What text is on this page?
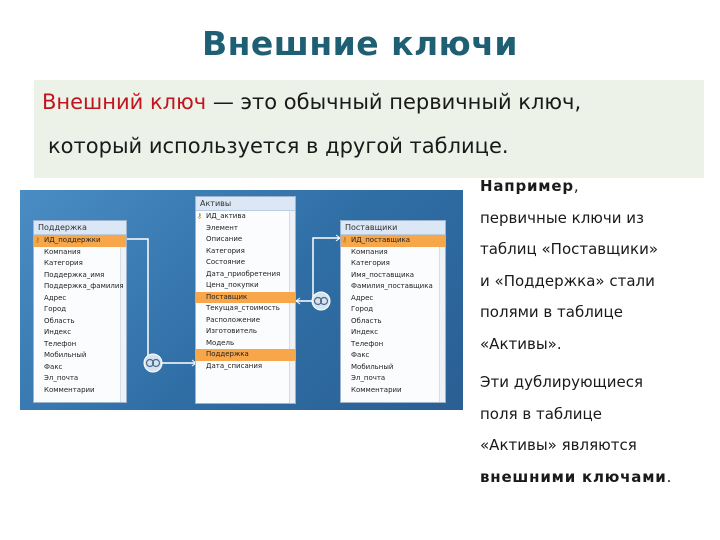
Внешние ключи
Внешний ключ — это обычный первичный ключ,
который используется в другой таблице.
Поддержка
⚷ ИД_поддержки
Компания
Категория
Поддержка_имя
Поддержка_фамилия
Адрес
Город
Область
Индекс
Телефон
Мобильный
Факс
Эл_почта
Комментарии
Активы
⚷ ИД_актива
Элемент
Описание
Категория
Состояние
Дата_приобретения
Цена_покупки
Поставщик
Текущая_стоимость
Расположение
Изготовитель
Модель
Поддержка
Дата_списания
Поставщики
⚷ ИД_поставщика
Компания
Категория
Имя_поставщика
Фамилия_поставщика
Адрес
Город
Область
Индекс
Телефон
Факс
Мобильный
Эл_почта
Комментарии
Например,
первичные ключи из
таблиц «Поставщики»
и «Поддержка» стали
полями в таблице
«Активы».
Эти дублирующиеся
поля в таблице
«Активы» являются
внешними ключами.
